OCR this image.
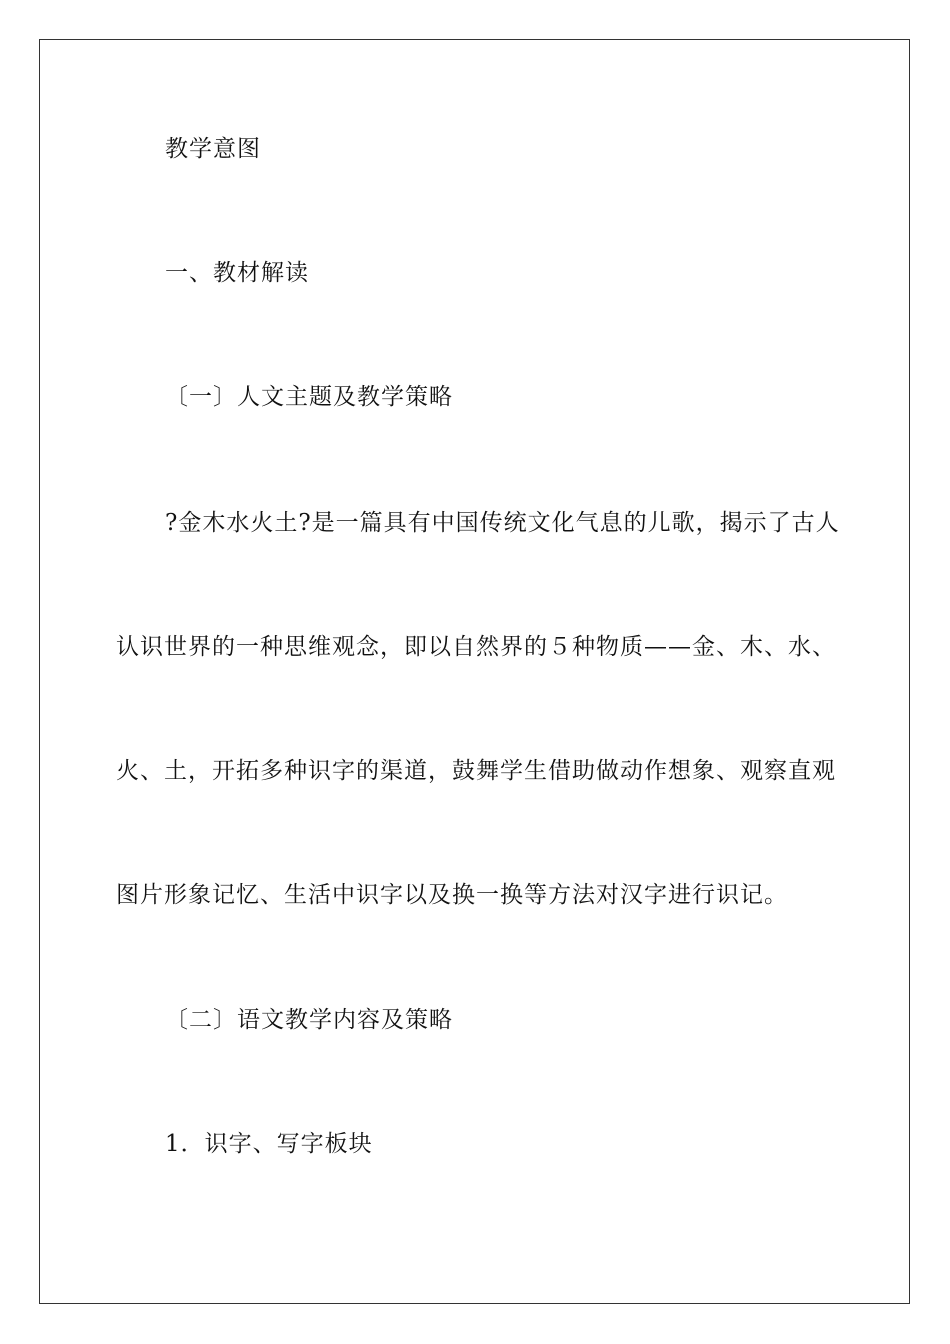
教学意图
一、教材解读
〔一〕人文主题及教学策略
?金木水火土?是一篇具有中国传统文化气息的儿歌，揭示了古人
认识世界的一种思维观念，即以自然界的５种物质——金、木、水、
火、土，开拓多种识字的渠道，鼓舞学生借助做动作想象、观察直观
图片形象记忆、生活中识字以及换一换等方法对汉字进行识记。
〔二〕语文教学内容及策略
1．识字、写字板块
